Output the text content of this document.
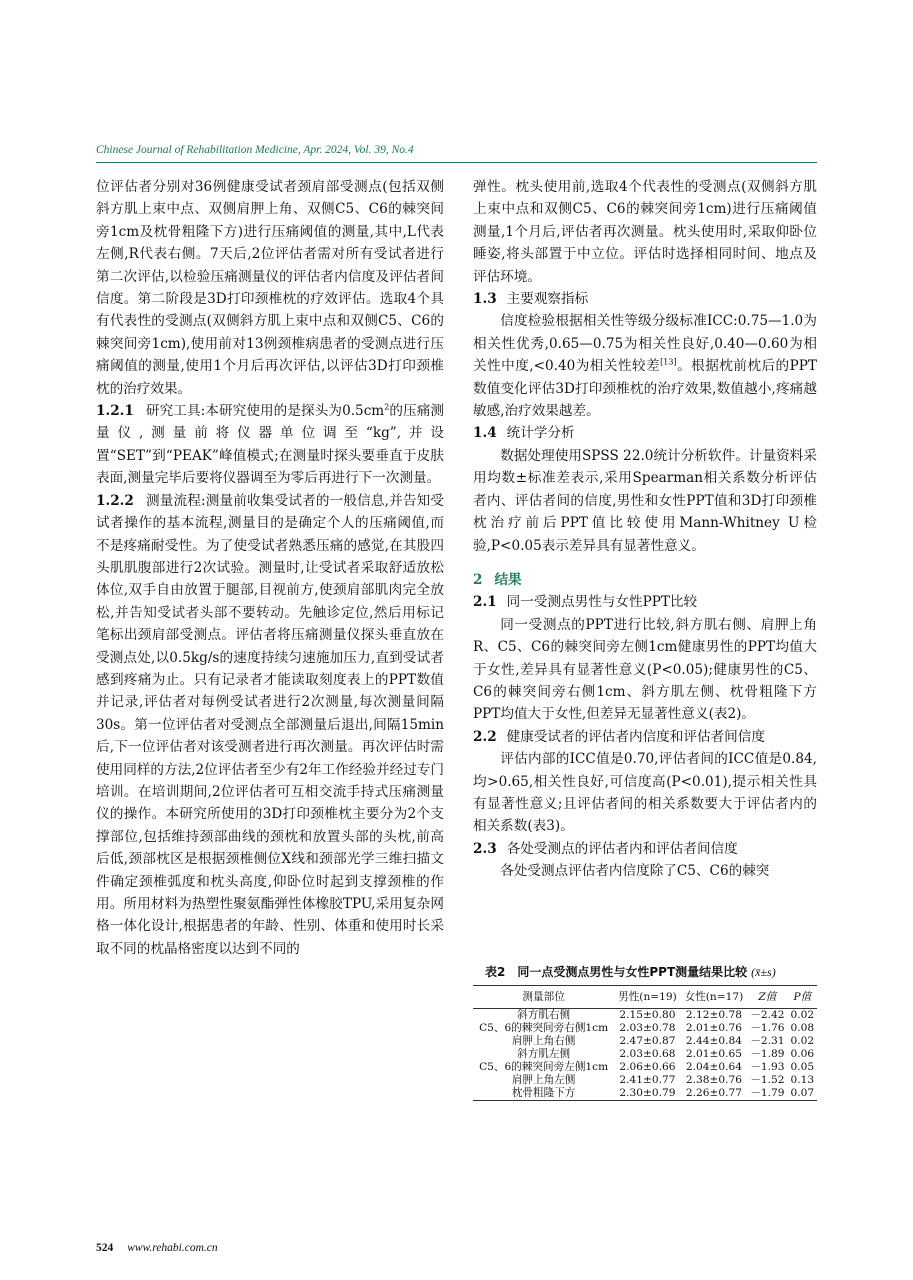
Chinese Journal of Rehabilitation Medicine, Apr. 2024, Vol. 39, No.4

位评估者分别对36例健康受试者颈肩部受测点(包括双侧斜方肌上束中点、双侧肩胛上角、双侧C5、C6的棘突间旁1cm及枕骨粗隆下方)进行压痛阈值的测量,其中,L代表左侧,R代表右侧。7天后,2位评估者需对所有受试者进行第二次评估,以检验压痛测量仪的评估者内信度及评估者间信度。第二阶段是3D打印颈椎枕的疗效评估。选取4个具有代表性的受测点(双侧斜方肌上束中点和双侧C5、C6的棘突间旁1cm),使用前对13例颈椎病患者的受测点进行压痛阈值的测量,使用1个月后再次评估,以评估3D打印颈椎枕的治疗效果。

1.2.1 研究工具:本研究使用的是探头为$0.5cm^2$的压痛测量仪,测量前将仪器单位调至“kg”,并设置“SET”到“PEAK”峰值模式;在测量时探头要垂直于皮肤表面,测量完毕后要将仪器调至为零后再进行下一次测量。

1.2.2 测量流程:测量前收集受试者的一般信息,并告知受试者操作的基本流程,测量目的是确定个人的压痛阈值,而不是疼痛耐受性。为了使受试者熟悉压痛的感觉,在其股四头肌肌腹部进行2次试验。测量时,让受试者采取舒适放松体位,双手自由放置于腿部,目视前方,使颈肩部肌肉完全放松,并告知受试者头部不要转动。先触诊定位,然后用标记笔标出颈肩部受测点。评估者将压痛测量仪探头垂直放在受测点处,以0.5kg/s的速度持续匀速施加压力,直到受试者感到疼痛为止。只有记录者才能读取刻度表上的PPT数值并记录,评估者对每例受试者进行2次测量,每次测量间隔30s。第一位评估者对受测点全部测量后退出,间隔15min后,下一位评估者对该受测者进行再次测量。再次评估时需使用同样的方法,2位评估者至少有2年工作经验并经过专门培训。在培训期间,2位评估者可互相交流手持式压痛测量仪的操作。本研究所使用的3D打印颈椎枕主要分为2个支撑部位,包括维持颈部曲线的颈枕和放置头部的头枕,前高后低,颈部枕区是根据颈椎侧位X线和颈部光学三维扫描文件确定颈椎弧度和枕头高度,仰卧位时起到支撑颈椎的作用。所用材料为热塑性聚氨酯弹性体橡胶TPU,采用复杂网格一体化设计,根据患者的年龄、性别、体重和使用时长采取不同的枕晶格密度以达到不同的

弹性。枕头使用前,选取4个代表性的受测点(双侧斜方肌上束中点和双侧C5、C6的棘突间旁1cm)进行压痛阈值测量,1个月后,评估者再次测量。枕头使用时,采取仰卧位睡姿,将头部置于中立位。评估时选择相同时间、地点及评估环境。

1.3 主要观察指标

信度检验根据相关性等级分级标准ICC:0.75—1.0为相关性优秀,0.65—0.75为相关性良好,0.40—0.60为相关性中度,<0.40为相关性较差[13]。根据枕前枕后的PPT数值变化评估3D打印颈椎枕的治疗效果,数值越小,疼痛越敏感,治疗效果越差。

1.4 统计学分析

数据处理使用SPSS 22.0统计分析软件。计量资料采用均数±标准差表示,采用Spearman相关系数分析评估者内、评估者间的信度,男性和女性PPT值和3D打印颈椎枕治疗前后PPT值比较使用Mann-Whitney U检验,P<0.05表示差异具有显著性意义。

2 结果

2.1 同一受测点男性与女性PPT比较

同一受测点的PPT进行比较,斜方肌右侧、肩胛上角R、C5、C6的棘突间旁左侧1cm健康男性的PPT均值大于女性,差异具有显著性意义(P<0.05);健康男性的C5、C6的棘突间旁右侧1cm、斜方肌左侧、枕骨粗隆下方PPT均值大于女性,但差异无显著性意义(表2)。

2.2 健康受试者的评估者内信度和评估者间信度

评估内部的ICC值是0.70,评估者间的ICC值是0.84,均>0.65,相关性良好,可信度高(P<0.01),提示相关性具有显著性意义;且评估者间的相关系数要大于评估者内的相关系数(表3)。

2.3 各处受测点的评估者内和评估者间信度

各处受测点评估者内信度除了C5、C6的棘突

表2　同一点受测点男性与女性PPT测量结果比较 (x̄±s)
测量部位	男性(n=19)	女性(n=17)	Z值	P值
斜方肌右侧	2.15±0.80	2.12±0.78	－2.42	0.02
C5、6的棘突间旁右侧1cm	2.03±0.78	2.01±0.76	－1.76	0.08
肩胛上角右侧	2.47±0.87	2.44±0.84	－2.31	0.02
斜方肌左侧	2.03±0.68	2.01±0.65	－1.89	0.06
C5、6的棘突间旁左侧1cm	2.06±0.66	2.04±0.64	－1.93	0.05
肩胛上角左侧	2.41±0.77	2.38±0.76	－1.52	0.13
枕骨粗隆下方	2.30±0.79	2.26±0.77	－1.79	0.07
524 www.rehabi.com.cn
